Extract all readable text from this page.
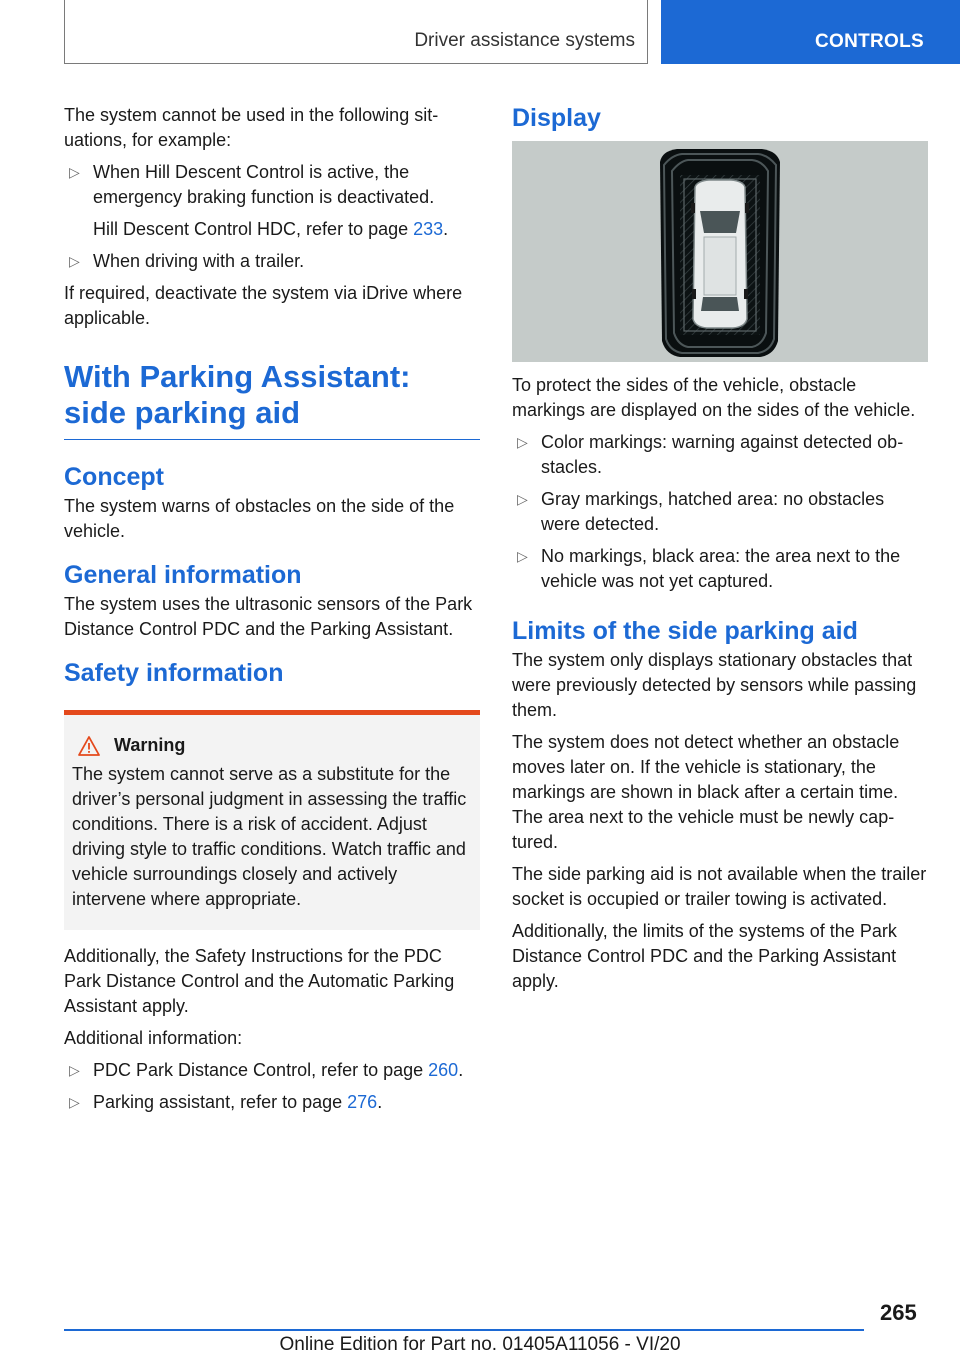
Driver assistance systems	CONTROLS

The system cannot be used in the following situations, for example:

▷ When Hill Descent Control is active, the emergency braking function is deactivated.
Hill Descent Control HDC, refer to page 233.
▷ When driving with a trailer.

If required, deactivate the system via iDrive where applicable.

With Parking Assistant: side parking aid
Concept

The system warns of obstacles on the side of the vehicle.

General information

The system uses the ultrasonic sensors of the Park Distance Control PDC and the Parking Assistant.

Safety information
Warning
The system cannot serve as a substitute for the driver’s personal judgment in assessing the traffic conditions. There is a risk of accident. Adjust driving style to traffic conditions. Watch traffic and vehicle surroundings closely and actively intervene where appropriate.

Additionally, the Safety Instructions for the PDC Park Distance Control and the Automatic Parking Assistant apply.

Additional information:

▷ PDC Park Distance Control, refer to page 260.
▷ Parking assistant, refer to page 276.
Display

To protect the sides of the vehicle, obstacle markings are displayed on the sides of the vehicle.

▷ Color markings: warning against detected obstacles.
▷ Gray markings, hatched area: no obstacles were detected.
▷ No markings, black area: the area next to the vehicle was not yet captured.
Limits of the side parking aid

The system only displays stationary obstacles that were previously detected by sensors while passing them.

The system does not detect whether an obstacle moves later on. If the vehicle is stationary, the markings are shown in black after a certain time. The area next to the vehicle must be newly captured.

The side parking aid is not available when the trailer socket is occupied or trailer towing is activated.

Additionally, the limits of the systems of the Park Distance Control PDC and the Parking Assistant apply.

265
Online Edition for Part no. 01405A11056 - VI/20
